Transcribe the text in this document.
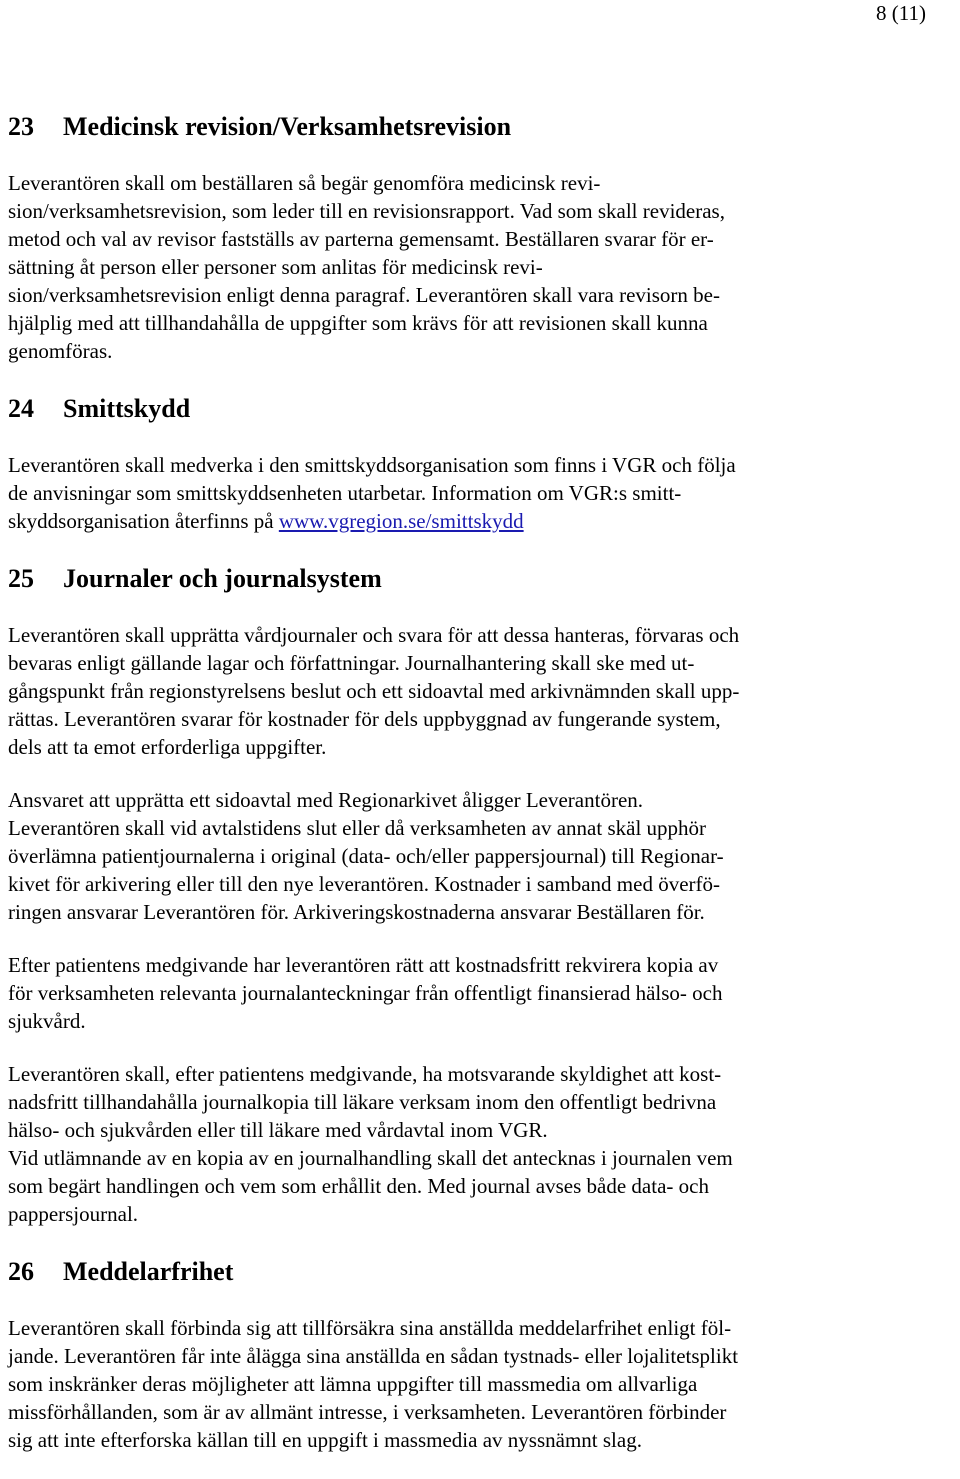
8 (11)
23 Medicinsk revision/Verksamhetsrevision
Leverantören skall om beställaren så begär genomföra medicinsk revi-
sion/verksamhetsrevision, som leder till en revisionsrapport. Vad som skall revideras,
metod och val av revisor fastställs av parterna gemensamt. Beställaren svarar för er-
sättning åt person eller personer som anlitas för medicinsk revi-
sion/verksamhetsrevision enligt denna paragraf. Leverantören skall vara revisorn be-
hjälplig med att tillhandahålla de uppgifter som krävs för att revisionen skall kunna
genomföras.
24 Smittskydd
Leverantören skall medverka i den smittskyddsorganisation som finns i VGR och följa
de anvisningar som smittskyddsenheten utarbetar. Information om VGR:s smitt-
skyddsorganisation återfinns på www.vgregion.se/smittskydd
25 Journaler och journalsystem
Leverantören skall upprätta vårdjournaler och svara för att dessa hanteras, förvaras och
bevaras enligt gällande lagar och författningar. Journalhantering skall ske med ut-
gångspunkt från regionstyrelsens beslut och ett sidoavtal med arkivnämnden skall upp-
rättas. Leverantören svarar för kostnader för dels uppbyggnad av fungerande system,
dels att ta emot erforderliga uppgifter.
Ansvaret att upprätta ett sidoavtal med Regionarkivet åligger Leverantören.
Leverantören skall vid avtalstidens slut eller då verksamheten av annat skäl upphör
överlämna patientjournalerna i original (data- och/eller pappersjournal) till Regionar-
kivet för arkivering eller till den nye leverantören. Kostnader i samband med överfö-
ringen ansvarar Leverantören för. Arkiveringskostnaderna ansvarar Beställaren för.
Efter patientens medgivande har leverantören rätt att kostnadsfritt rekvirera kopia av
för verksamheten relevanta journalanteckningar från offentligt finansierad hälso- och
sjukvård.
Leverantören skall, efter patientens medgivande, ha motsvarande skyldighet att kost-
nadsfritt tillhandahålla journalkopia till läkare verksam inom den offentligt bedrivna
hälso- och sjukvården eller till läkare med vårdavtal inom VGR.
Vid utlämnande av en kopia av en journalhandling skall det antecknas i journalen vem
som begärt handlingen och vem som erhållit den. Med journal avses både data- och
pappersjournal.
26 Meddelarfrihet
Leverantören skall förbinda sig att tillförsäkra sina anställda meddelarfrihet enligt föl-
jande. Leverantören får inte ålägga sina anställda en sådan tystnads- eller lojalitetsplikt
som inskränker deras möjligheter att lämna uppgifter till massmedia om allvarliga
missförhållanden, som är av allmänt intresse, i verksamheten. Leverantören förbinder
sig att inte efterforska källan till en uppgift i massmedia av nyssnämnt slag.
